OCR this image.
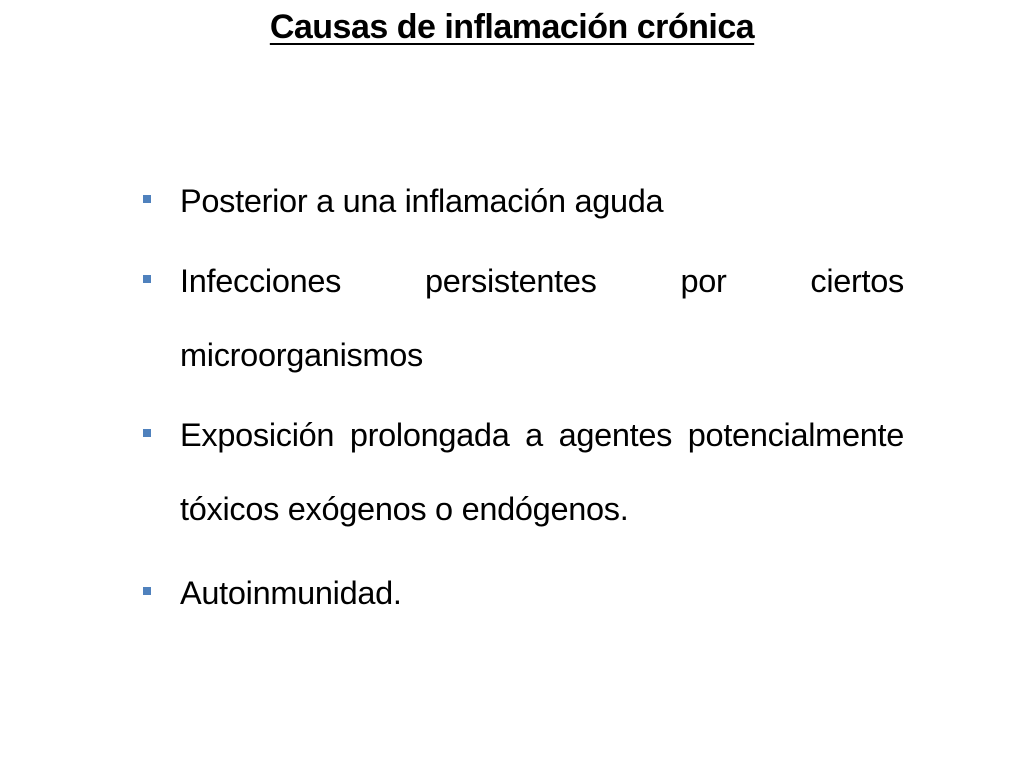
Causas de inflamación crónica
Posterior a una inflamación aguda
Infecciones persistentes por ciertos microorganismos
Exposición prolongada a agentes potencialmente tóxicos exógenos o endógenos.
Autoinmunidad.
